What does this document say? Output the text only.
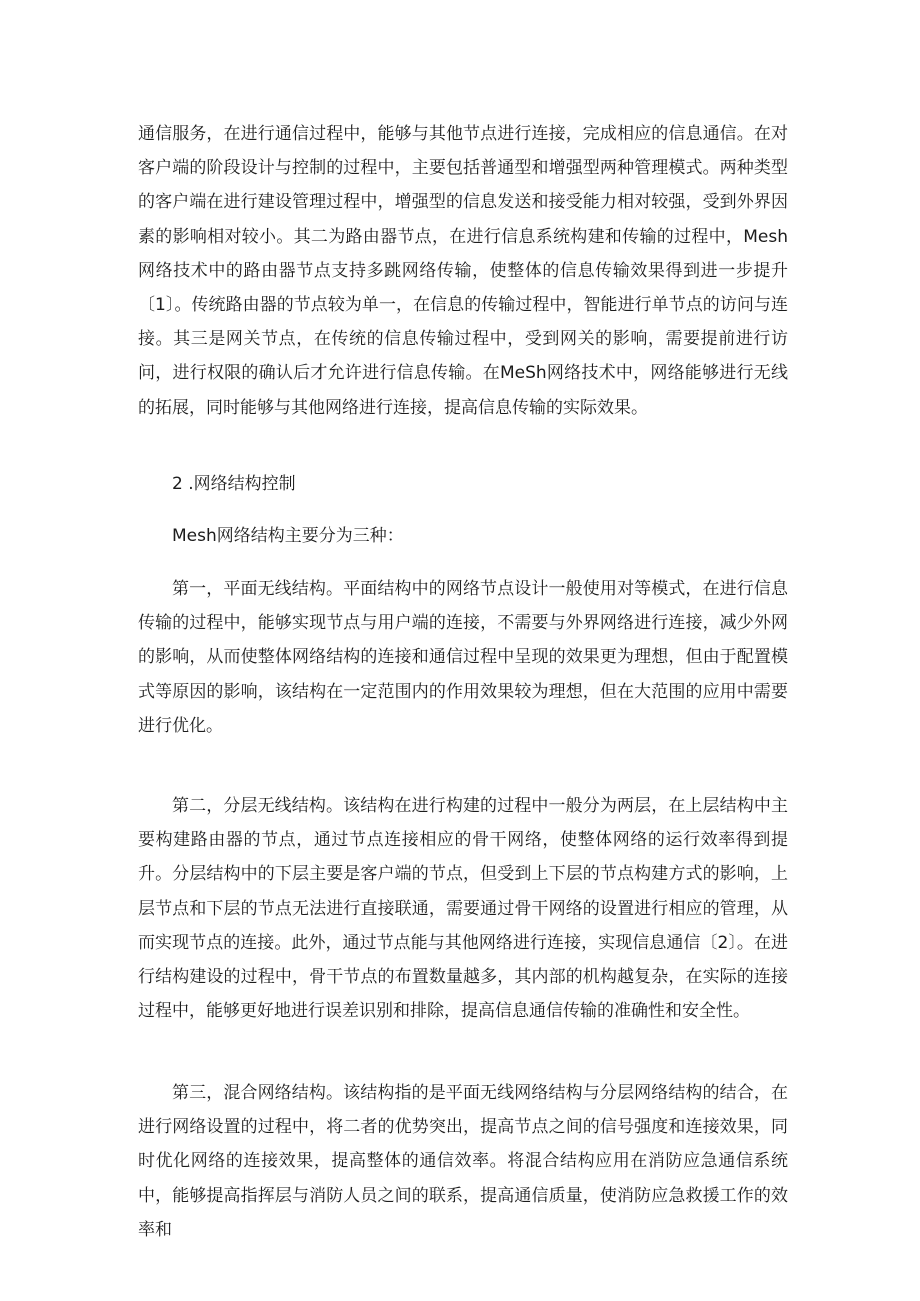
通信服务，在进行通信过程中，能够与其他节点进行连接，完成相应的信息通信。在对客户端的阶段设计与控制的过程中，主要包括普通型和增强型两种管理模式。两种类型的客户端在进行建设管理过程中，增强型的信息发送和接受能力相对较强，受到外界因素的影响相对较小。其二为路由器节点，在进行信息系统构建和传输的过程中，Mesh网络技术中的路由器节点支持多跳网络传输，使整体的信息传输效果得到进一步提升〔1〕。传统路由器的节点较为单一，在信息的传输过程中，智能进行单节点的访问与连接。其三是网关节点，在传统的信息传输过程中，受到网关的影响，需要提前进行访问，进行权限的确认后才允许进行信息传输。在MeSh网络技术中，网络能够进行无线的拓展，同时能够与其他网络进行连接，提高信息传输的实际效果。

2 .网络结构控制

Mesh网络结构主要分为三种：

第一，平面无线结构。平面结构中的网络节点设计一般使用对等模式，在进行信息传输的过程中，能够实现节点与用户端的连接，不需要与外界网络进行连接，减少外网的影响，从而使整体网络结构的连接和通信过程中呈现的效果更为理想，但由于配置模式等原因的影响，该结构在一定范围内的作用效果较为理想，但在大范围的应用中需要进行优化。

第二，分层无线结构。该结构在进行构建的过程中一般分为两层，在上层结构中主要构建路由器的节点，通过节点连接相应的骨干网络，使整体网络的运行效率得到提升。分层结构中的下层主要是客户端的节点，但受到上下层的节点构建方式的影响，上层节点和下层的节点无法进行直接联通，需要通过骨干网络的设置进行相应的管理，从而实现节点的连接。此外，通过节点能与其他网络进行连接，实现信息通信〔2〕。在进行结构建设的过程中，骨干节点的布置数量越多，其内部的机构越复杂，在实际的连接过程中，能够更好地进行误差识别和排除，提高信息通信传输的准确性和安全性。

第三，混合网络结构。该结构指的是平面无线网络结构与分层网络结构的结合，在进行网络设置的过程中，将二者的优势突出，提高节点之间的信号强度和连接效果，同时优化网络的连接效果，提高整体的通信效率。将混合结构应用在消防应急通信系统中，能够提高指挥层与消防人员之间的联系，提高通信质量，使消防应急救援工作的效率和
